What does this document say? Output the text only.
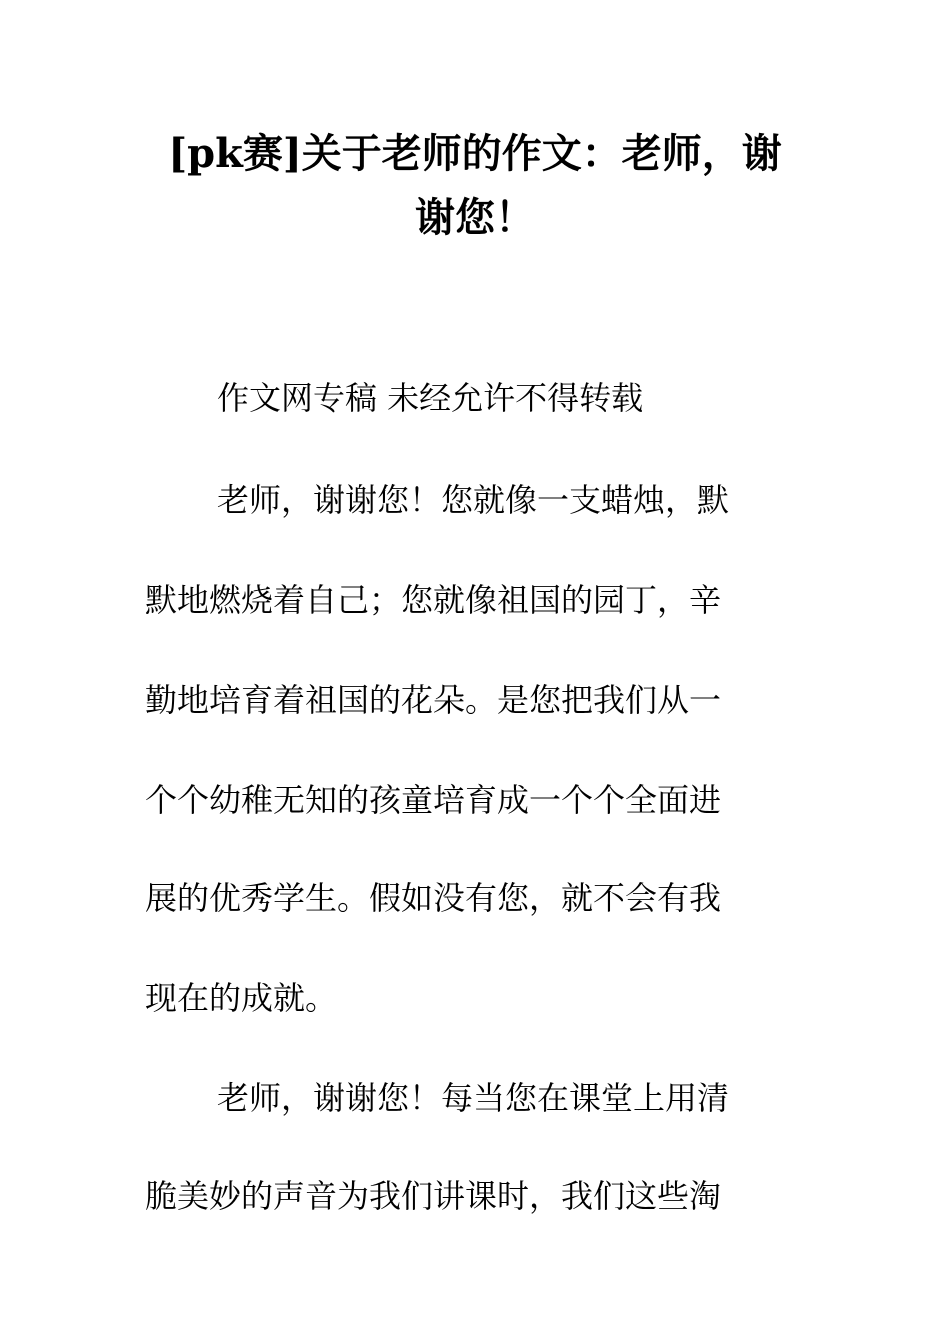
[pk赛]关于老师的作文：老师，谢
谢您！
作文网专稿 未经允许不得转载
老师，谢谢您！您就像一支蜡烛，默
默地燃烧着自己；您就像祖国的园丁，辛
勤地培育着祖国的花朵。是您把我们从一
个个幼稚无知的孩童培育成一个个全面进
展的优秀学生。假如没有您，就不会有我
现在的成就。
老师，谢谢您！每当您在课堂上用清
脆美妙的声音为我们讲课时，我们这些淘
